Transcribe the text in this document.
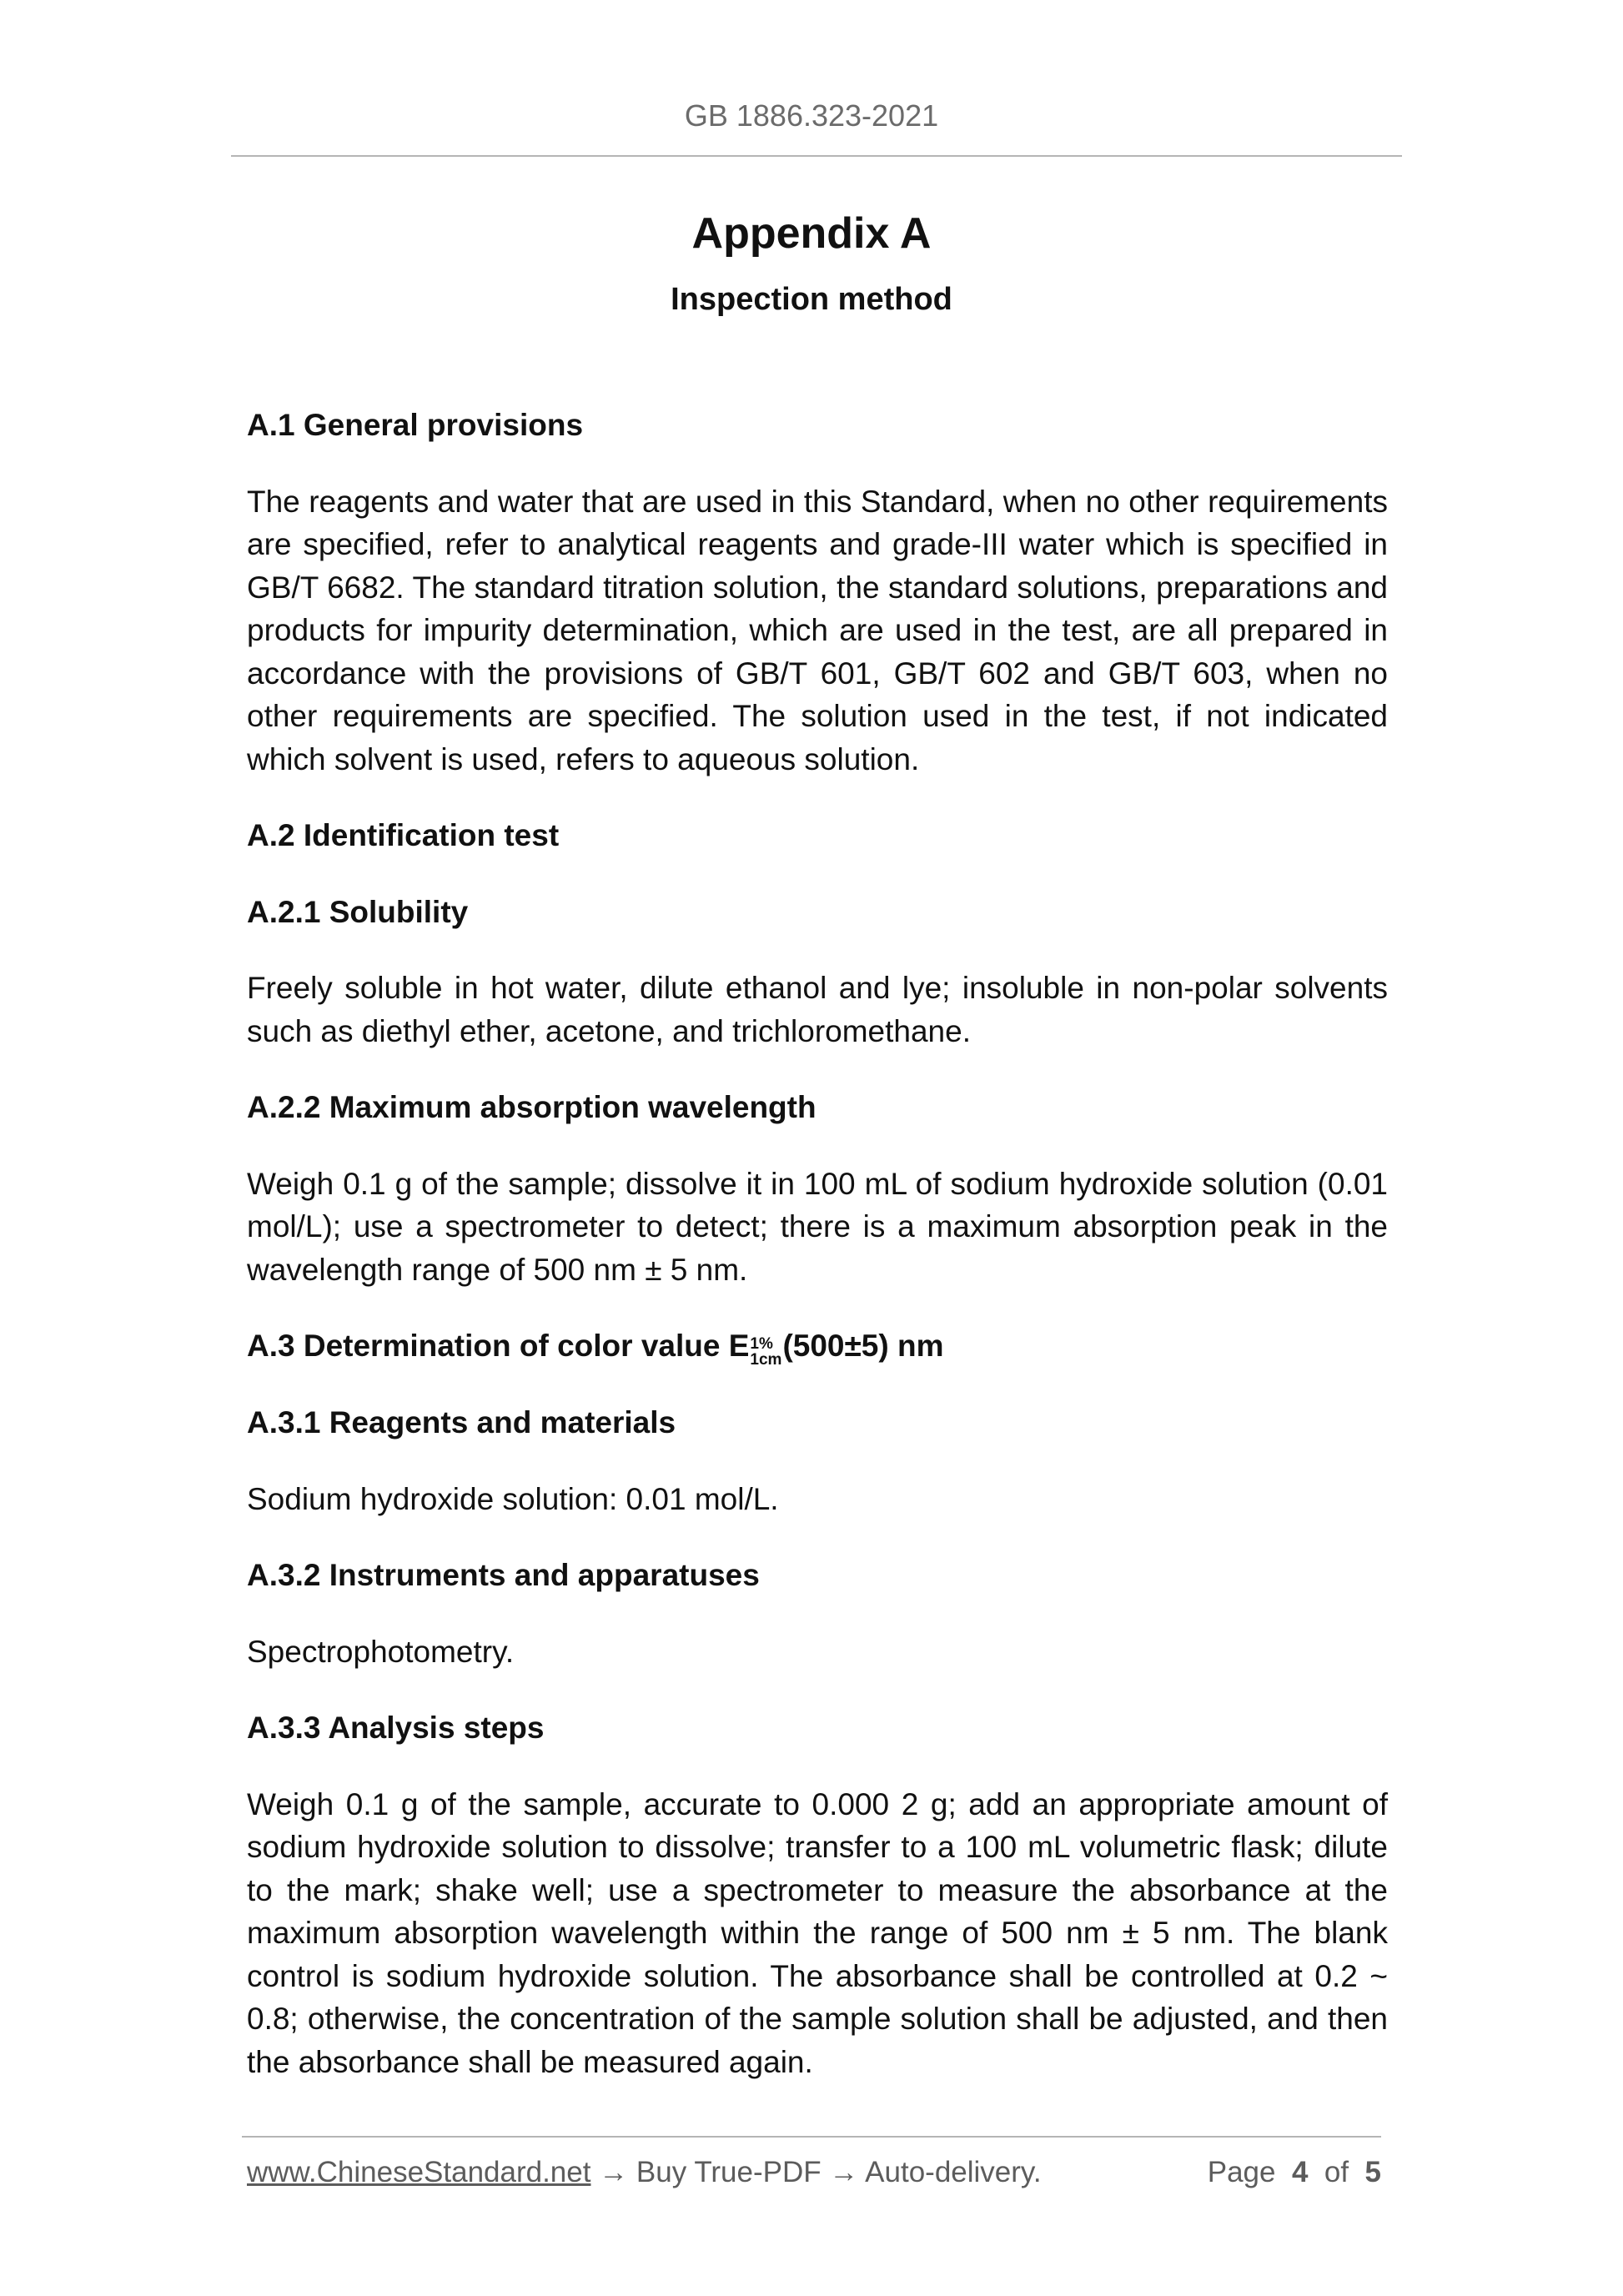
GB 1886.323-2021

Appendix A
Inspection method
A.1 General provisions

The reagents and water that are used in this Standard, when no other requirements are specified, refer to analytical reagents and grade-III water which is specified in GB/T 6682. The standard titration solution, the standard solutions, preparations and products for impurity determination, which are used in the test, are all prepared in accordance with the provisions of GB/T 601, GB/T 602 and GB/T 603, when no other requirements are specified. The solution used in the test, if not indicated which solvent is used, refers to aqueous solution.

A.2 Identification test
A.2.1 Solubility

Freely soluble in hot water, dilute ethanol and lye; insoluble in non-polar solvents such as diethyl ether, acetone, and trichloromethane.

A.2.2 Maximum absorption wavelength

Weigh 0.1 g of the sample; dissolve it in 100 mL of sodium hydroxide solution (0.01 mol/L); use a spectrometer to detect; there is a maximum absorption peak in the wavelength range of 500 nm ± 5 nm.

A.3 Determination of color value E 1%
1cm (500±5) nm
A.3.1 Reagents and materials

Sodium hydroxide solution: 0.01 mol/L.

A.3.2 Instruments and apparatuses

Spectrophotometry.

A.3.3 Analysis steps

Weigh 0.1 g of the sample, accurate to 0.000 2 g; add an appropriate amount of sodium hydroxide solution to dissolve; transfer to a 100 mL volumetric flask; dilute to the mark; shake well; use a spectrometer to measure the absorbance at the maximum absorption wavelength within the range of 500 nm ± 5 nm. The blank control is sodium hydroxide solution. The absorbance shall be controlled at 0.2 ~ 0.8; otherwise, the concentration of the sample solution shall be adjusted, and then the absorbance shall be measured again.

www.ChineseStandard.net → Buy True-PDF → Auto-delivery.	Page 4 of 5
